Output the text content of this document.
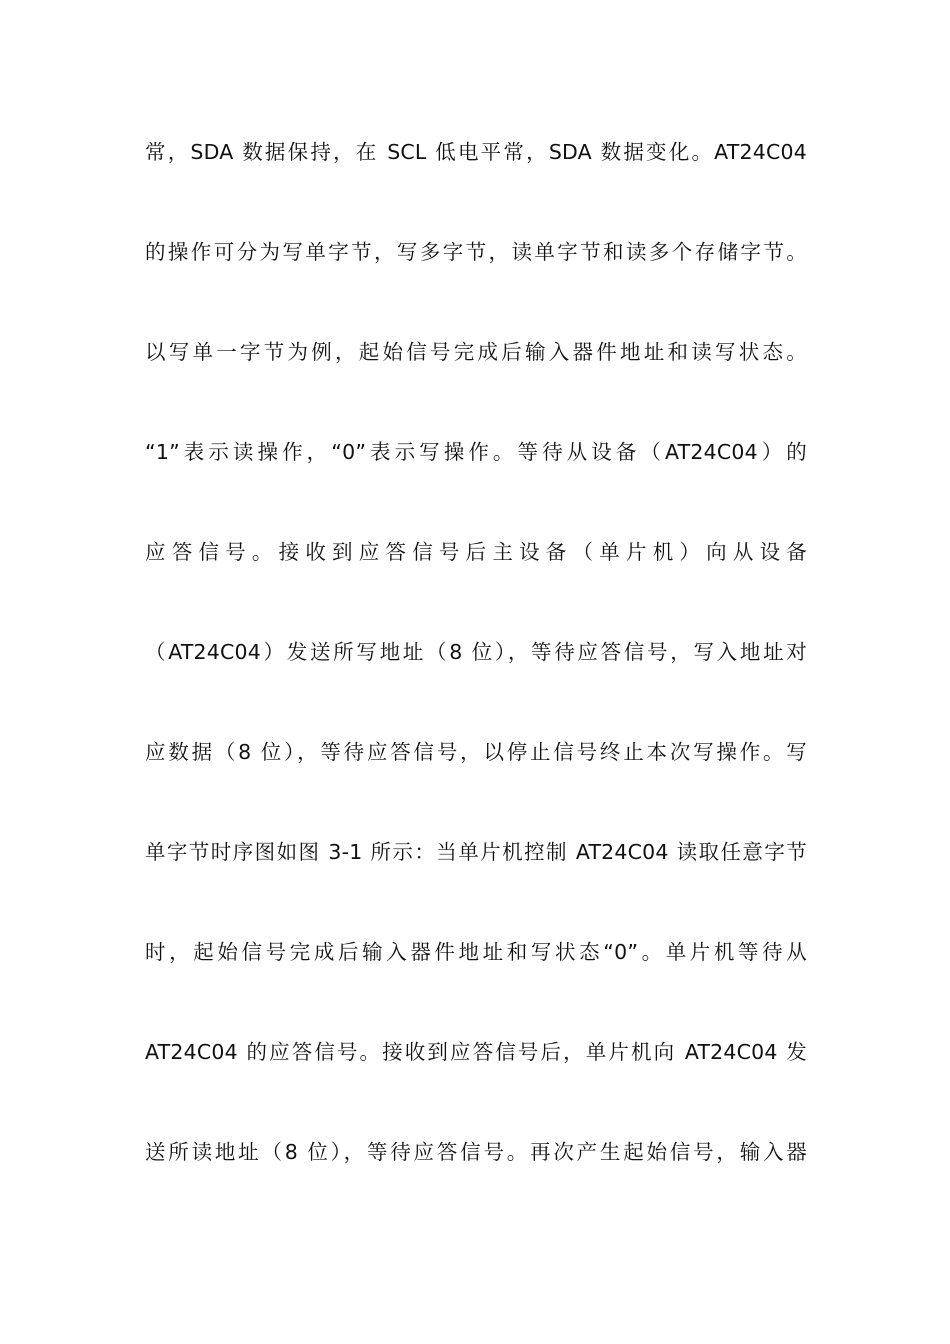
常，SDA 数据保持，在 SCL 低电平常，SDA 数据变化。AT24C04
的操作可分为写单字节，写多字节，读单字节和读多个存储字节。
以写单一字节为例，起始信号完成后输入器件地址和读写状态。
“1”表示读操作，“0”表示写操作。等待从设备（AT24C04）的
应答信号。接收到应答信号后主设备（单片机）向从设备
（AT24C04）发送所写地址（8 位），等待应答信号，写入地址对
应数据（8 位），等待应答信号，以停止信号终止本次写操作。写
单字节时序图如图 3-1 所示：当单片机控制 AT24C04 读取任意字节
时，起始信号完成后输入器件地址和写状态“0”。单片机等待从
AT24C04 的应答信号。接收到应答信号后，单片机向 AT24C04 发
送所读地址（8 位），等待应答信号。再次产生起始信号，输入器
